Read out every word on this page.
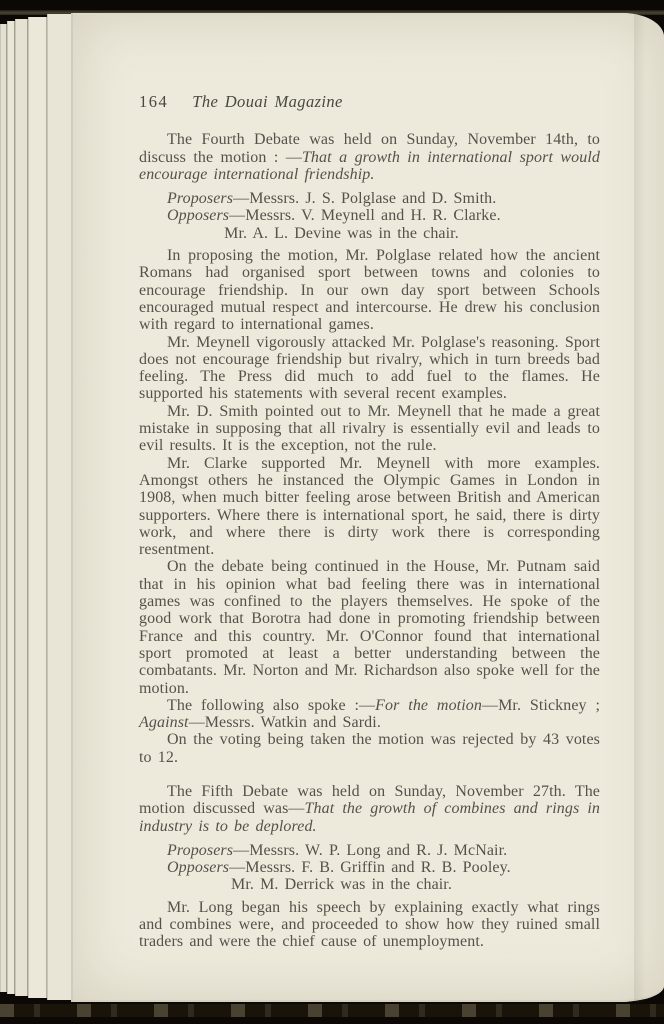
164 The Douai Magazine

The Fourth Debate was held on Sunday, November 14th, to discuss the motion : —That a growth in international sport would encourage international friendship.

Proposers—Messrs. J. S. Polglase and D. Smith.

Opposers—Messrs. V. Meynell and H. R. Clarke.

Mr. A. L. Devine was in the chair.

In proposing the motion, Mr. Polglase related how the ancient Romans had organised sport between towns and colonies to encourage friendship. In our own day sport between Schools encouraged mutual respect and intercourse. He drew his conclusion with regard to international games.

Mr. Meynell vigorously attacked Mr. Polglase's reasoning. Sport does not encourage friendship but rivalry, which in turn breeds bad feeling. The Press did much to add fuel to the flames. He supported his statements with several recent examples.

Mr. D. Smith pointed out to Mr. Meynell that he made a great mistake in supposing that all rivalry is essentially evil and leads to evil results. It is the exception, not the rule.

Mr. Clarke supported Mr. Meynell with more examples. Amongst others he instanced the Olympic Games in London in 1908, when much bitter feeling arose between British and American supporters. Where there is international sport, he said, there is dirty work, and where there is dirty work there is corresponding resentment.

On the debate being continued in the House, Mr. Putnam said that in his opinion what bad feeling there was in international games was confined to the players themselves. He spoke of the good work that Borotra had done in promoting friendship between France and this country. Mr. O'Connor found that international sport promoted at least a better understanding between the combatants. Mr. Norton and Mr. Richardson also spoke well for the motion.

The following also spoke :—For the motion—Mr. Stickney ; Against—Messrs. Watkin and Sardi.

On the voting being taken the motion was rejected by 43 votes to 12.

The Fifth Debate was held on Sunday, November 27th. The motion discussed was—That the growth of combines and rings in industry is to be deplored.

Proposers—Messrs. W. P. Long and R. J. McNair.

Opposers—Messrs. F. B. Griffin and R. B. Pooley.

Mr. M. Derrick was in the chair.

Mr. Long began his speech by explaining exactly what rings and combines were, and proceeded to show how they ruined small traders and were the chief cause of unemployment.
